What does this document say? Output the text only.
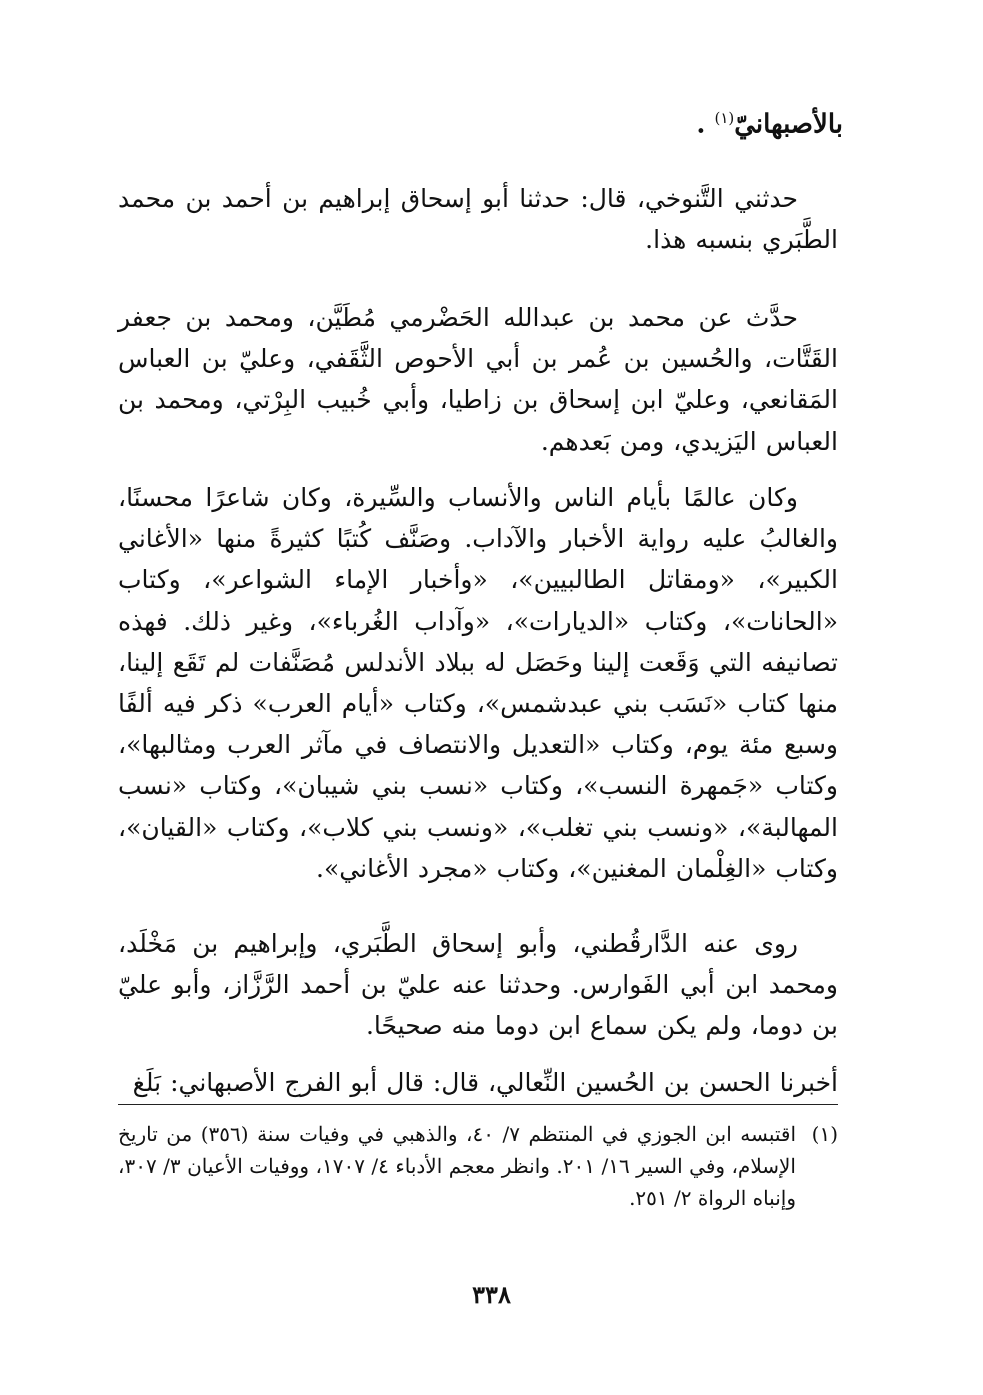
بالأصبهانيّ$^{(١)}$ .

حدثني التَّنوخي، قال: حدثنا أبو إسحاق إبراهيم بن أحمد بن محمد الطَّبَري بنسبه هذا.

حدَّث عن محمد بن عبدالله الحَضْرمي مُطَيَّن، ومحمد بن جعفر القَتَّات، والحُسين بن عُمر بن أبي الأحوص الثَّقَفي، وعليّ بن العباس المَقانعي، وعليّ ابن إسحاق بن زاطيا، وأبي خُبيب البِرْتي، ومحمد بن العباس اليَزيدي، ومن بَعدهم.

وكان عالمًا بأيام الناس والأنساب والسِّيرة، وكان شاعرًا محسنًا، والغالبُ عليه رواية الأخبار والآداب. وصَنَّف كُتبًا كثيرةً منها «الأغاني الكبير»، «ومقاتل الطالبيين»، «وأخبار الإماء الشواعر»، وكتاب «الحانات»، وكتاب «الديارات»، «وآداب الغُرباء»، وغير ذلك. فهذه تصانيفه التي وَقَعت إلينا وحَصَل له ببلاد الأندلس مُصَنَّفات لم تَقَع إلينا، منها كتاب «نَسَب بني عبدشمس»، وكتاب «أيام العرب» ذكر فيه ألفًا وسبع مئة يوم، وكتاب «التعديل والانتصاف في مآثر العرب ومثالبها»، وكتاب «جَمهرة النسب»، وكتاب «نسب بني شيبان»، وكتاب «نسب المهالبة»، «ونسب بني تغلب»، «ونسب بني كلاب»، وكتاب «القيان»، وكتاب «الغِلْمان المغنين»، وكتاب «مجرد الأغاني».

روى عنه الدَّارقُطني، وأبو إسحاق الطَّبَري، وإبراهيم بن مَخْلَد، ومحمد ابن أبي الفَوارس. وحدثنا عنه عليّ بن أحمد الرَّزَّاز، وأبو عليّ بن دوما، ولم يكن سماع ابن دوما منه صحيحًا.

أخبرنا الحسن بن الحُسين النِّعالي، قال: قال أبو الفرج الأصبهاني: بَلَغ

(١)
اقتبسه ابن الجوزي في المنتظم ٧/ ٤٠، والذهبي في وفيات سنة (٣٥٦) من تاريخ الإسلام، وفي السير ١٦/ ٢٠١. وانظر معجم الأدباء ٤/ ١٧٠٧، ووفيات الأعيان ٣/ ٣٠٧، وإنباه الرواة ٢/ ٢٥١.
٣٣٨
